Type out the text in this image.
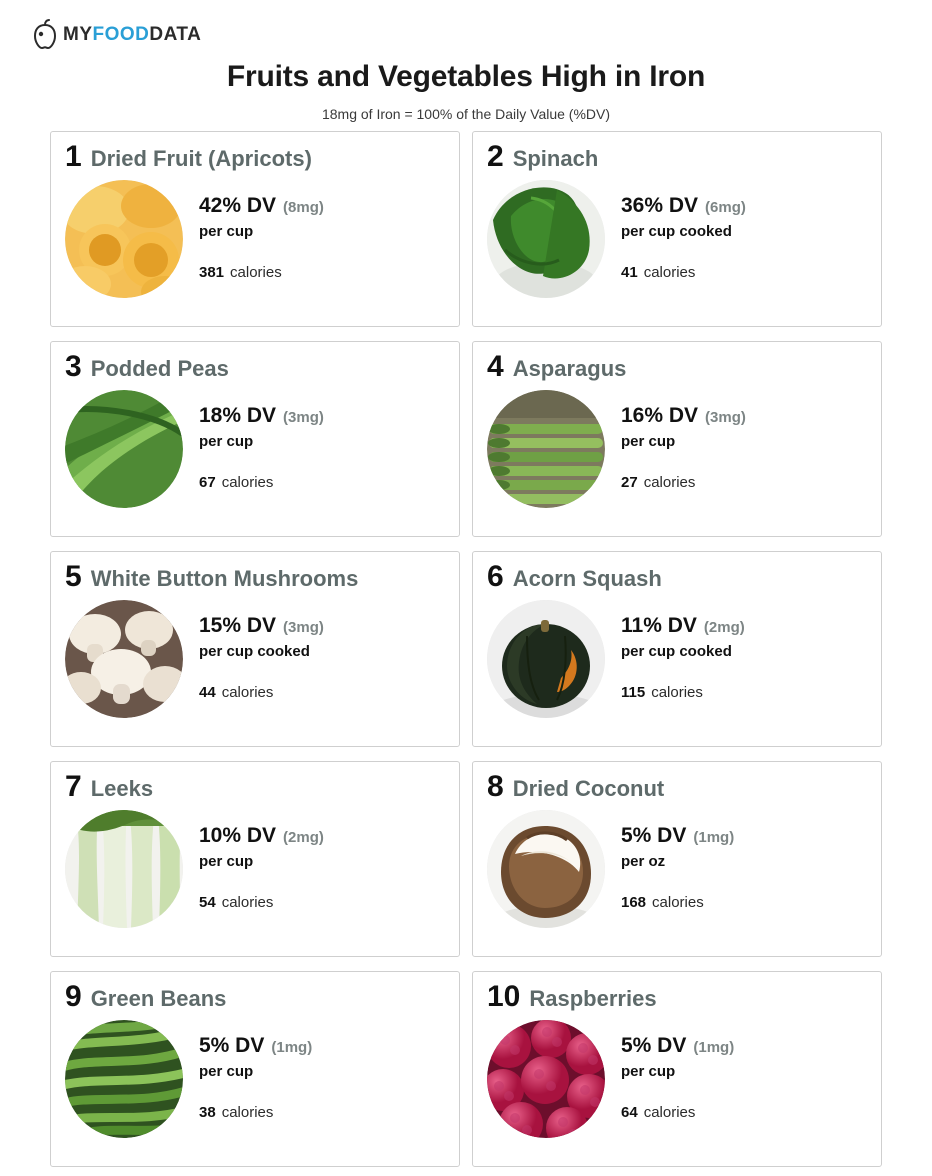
MYFOODDATA
Fruits and Vegetables High in Iron
18mg of Iron = 100% of the Daily Value (%DV)
1 Dried Fruit (Apricots)
42% DV (8mg)
per cup
381 calories
2 Spinach
36% DV (6mg)
per cup cooked
41 calories
3 Podded Peas
18% DV (3mg)
per cup
67 calories
4 Asparagus
16% DV (3mg)
per cup
27 calories
5 White Button Mushrooms
15% DV (3mg)
per cup cooked
44 calories
6 Acorn Squash
11% DV (2mg)
per cup cooked
115 calories
7 Leeks
10% DV (2mg)
per cup
54 calories
8 Dried Coconut
5% DV (1mg)
per oz
168 calories
9 Green Beans
5% DV (1mg)
per cup
38 calories
10 Raspberries
5% DV (1mg)
per cup
64 calories
